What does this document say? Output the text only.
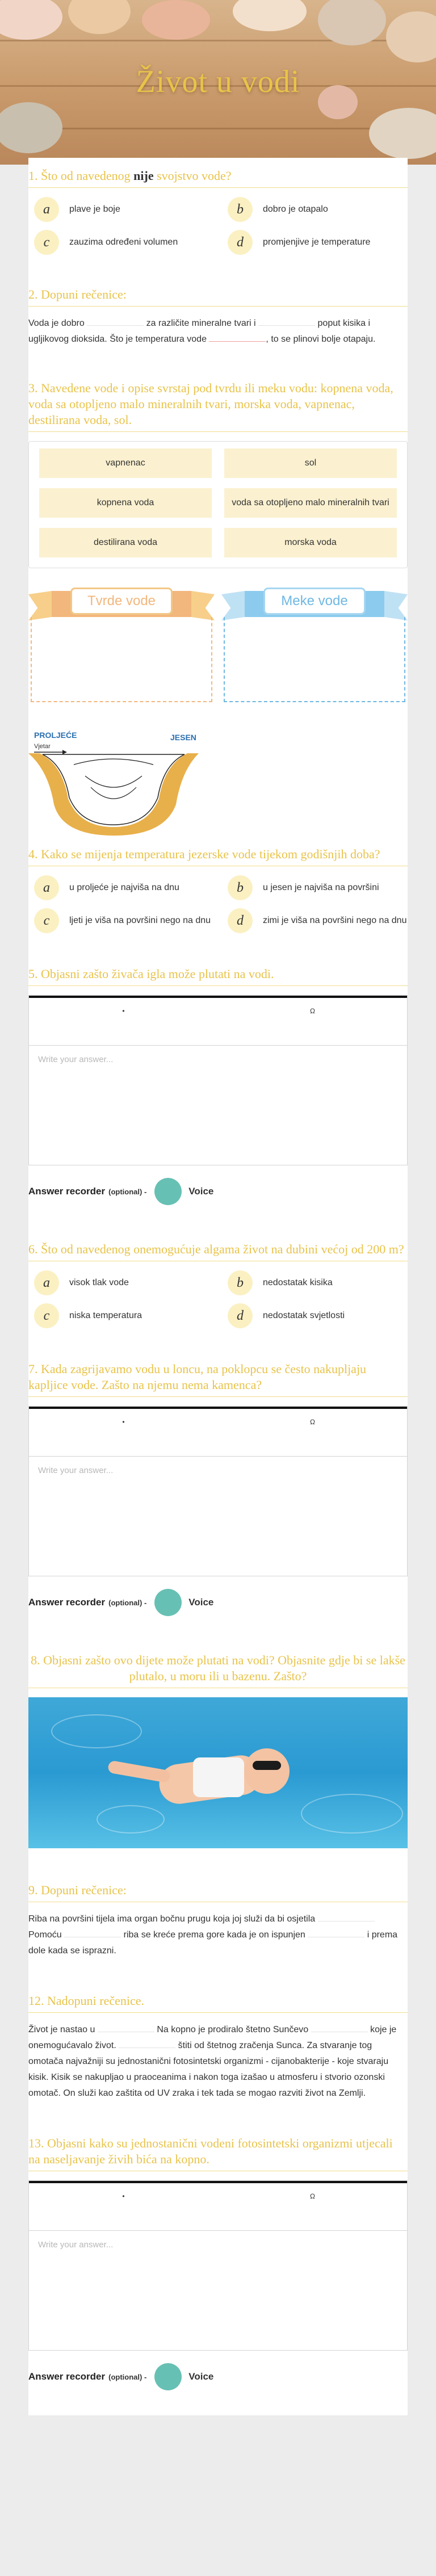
Život u vodi
1. Što od navedenog nije svojstvo vode?
a	plave je boje	b	dobro je otapalo
c	zauzima određeni volumen	d	promjenjive je temperature
2. Dopuni rečenice:
Voda je dobro	za različite mineralne tvari i	poput kisika i ugljikovog dioksida. Što je temperatura vode	, to se plinovi bolje otapaju.
3. Navedene vode i opise svrstaj pod tvrdu ili meku vodu: kopnena voda, voda sa otopljeno malo mineralnih tvari, morska voda, vapnenac, destilirana voda, sol.
vapnenac	sol
kopnena voda	voda sa otopljeno malo mineralnih tvari
destilirana voda	morska voda
Tvrde vode	Meke vode
PROLJEĆE	JESEN
Vjetar
4. Kako se mijenja temperatura jezerske vode tijekom godišnjih doba?
a	u proljeće je najviša na dnu	b	u jesen je najviša na površini
c	ljeti je viša na površini nego na dnu	d	zimi je viša na površini nego na dnu
5. Objasni zašto živača igla može plutati na vodi.
•	Ω
Write your answer...
Answer recorder (optional) -	Voice
6. Što od navedenog onemogućuje algama život na dubini većoj od 200 m?
a	visok tlak vode	b	nedostatak kisika
c	niska temperatura	d	nedostatak svjetlosti
7. Kada zagrijavamo vodu u loncu, na poklopcu se često nakupljaju kapljice vode. Zašto na njemu nema kamenca?
•	Ω
Write your answer...
Answer recorder (optional) -	Voice
8. Objasni zašto ovo dijete može plutati na vodi? Objasnite gdje bi se lakše plutalo, u moru ili u bazenu. Zašto?
9. Dopuni rečenice:
Riba na površini tijela ima organ bočnu prugu koja joj služi da bi osjetila  Pomoću	riba se kreće prema gore kada je on ispunjen	i prema dole kada se isprazni.
12. Nadopuni rečenice.
Život je nastao u	Na kopno je prodiralo štetno Sunčevo	koje je onemogućavalo život.	štiti od štetnog zračenja Sunca. Za stvaranje tog omotača najvažniji su jednostanični fotosintetski organizmi - cijanobakterije - koje stvaraju kisik. Kisik se nakupljao u praoceanima i nakon toga izašao u atmosferu i stvorio ozonski omotač. On služi kao zaštita od UV zraka i tek tada se mogao razviti život na Zemlji.
13. Objasni kako su jednostanični vodeni fotosintetski organizmi utjecali na naseljavanje živih bića na kopno.
•	Ω
Write your answer...
Answer recorder (optional) -	Voice
